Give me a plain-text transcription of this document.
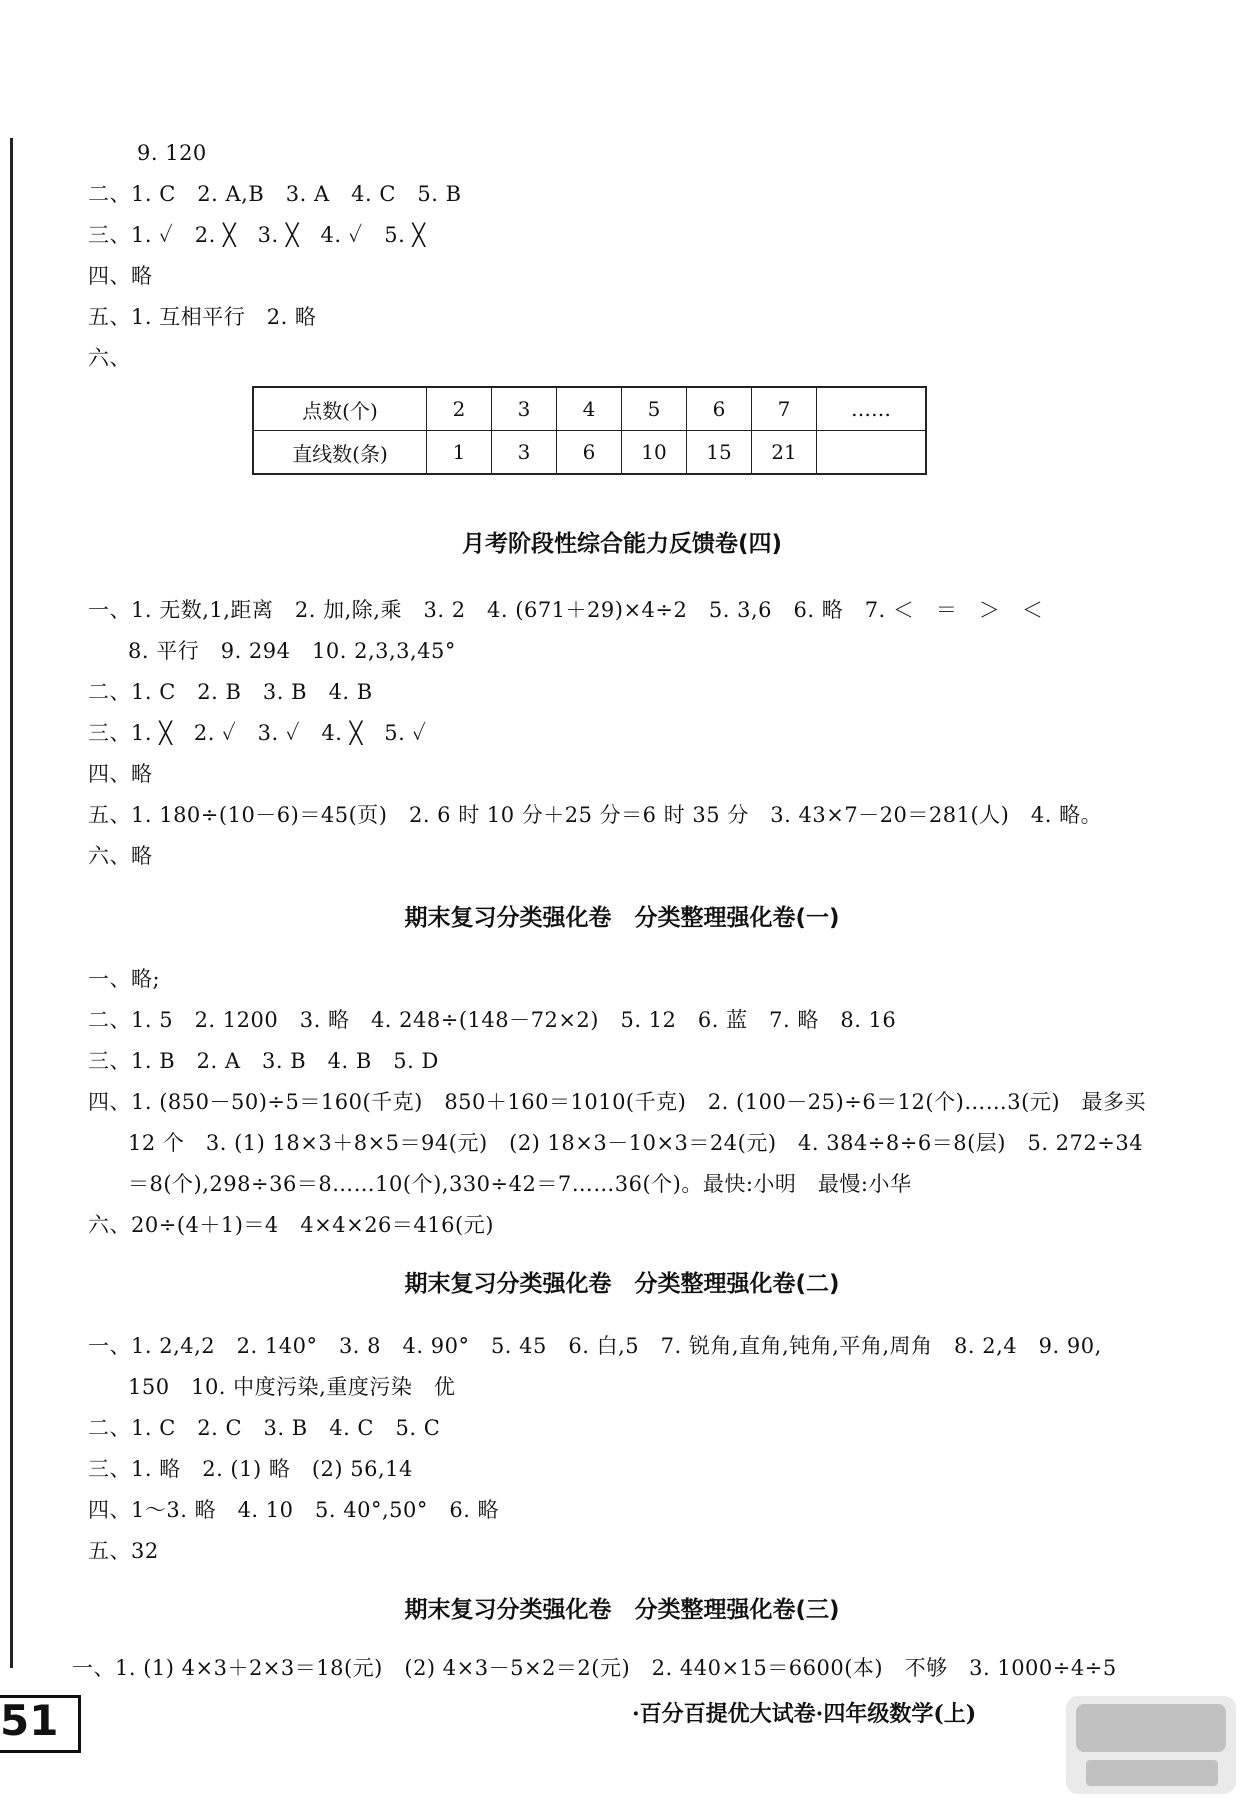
9. 120
二、1. C　2. A,B　3. A　4. C　5. B
三、1. ✓　2. ╳　3. ╳　4. ✓　5. ╳
四、略
五、1. 互相平行　2. 略
六、
点数(个)	2	3	4	5	6	7	……
直线数(条)	1	3	6	10	15	21	
月考阶段性综合能力反馈卷(四)
一、1. 无数,1,距离　2. 加,除,乘　3. 2　4. (671＋29)×4÷2　5. 3,6　6. 略　7. ＜　＝　＞　＜
8. 平行　9. 294　10. 2,3,3,45°
二、1. C　2. B　3. B　4. B
三、1. ╳　2. ✓　3. ✓　4. ╳　5. ✓
四、略
五、1. 180÷(10－6)＝45(页)　2. 6 时 10 分＋25 分＝6 时 35 分　3. 43×7－20＝281(人)　4. 略。
六、略
期末复习分类强化卷　分类整理强化卷(一)
一、略;
二、1. 5　2. 1200　3. 略　4. 248÷(148－72×2)　5. 12　6. 蓝　7. 略　8. 16
三、1. B　2. A　3. B　4. B　5. D
四、1. (850－50)÷5＝160(千克)　850＋160＝1010(千克)　2. (100－25)÷6＝12(个)……3(元)　最多买
12 个　3. (1) 18×3＋8×5＝94(元)　(2) 18×3－10×3＝24(元)　4. 384÷8÷6＝8(层)　5. 272÷34
＝8(个),298÷36＝8……10(个),330÷42＝7……36(个)。最快:小明　最慢:小华
六、20÷(4＋1)＝4　4×4×26＝416(元)
期末复习分类强化卷　分类整理强化卷(二)
一、1. 2,4,2　2. 140°　3. 8　4. 90°　5. 45　6. 白,5　7. 锐角,直角,钝角,平角,周角　8. 2,4　9. 90,
150　10. 中度污染,重度污染　优
二、1. C　2. C　3. B　4. C　5. C
三、1. 略　2. (1) 略　(2) 56,14
四、1～3. 略　4. 10　5. 40°,50°　6. 略
五、32
期末复习分类强化卷　分类整理强化卷(三)
一、1. (1) 4×3＋2×3＝18(元)　(2) 4×3－5×2＝2(元)　2. 440×15＝6600(本)　不够　3. 1000÷4÷5
51	·百分百提优大试卷·四年级数学(上)
